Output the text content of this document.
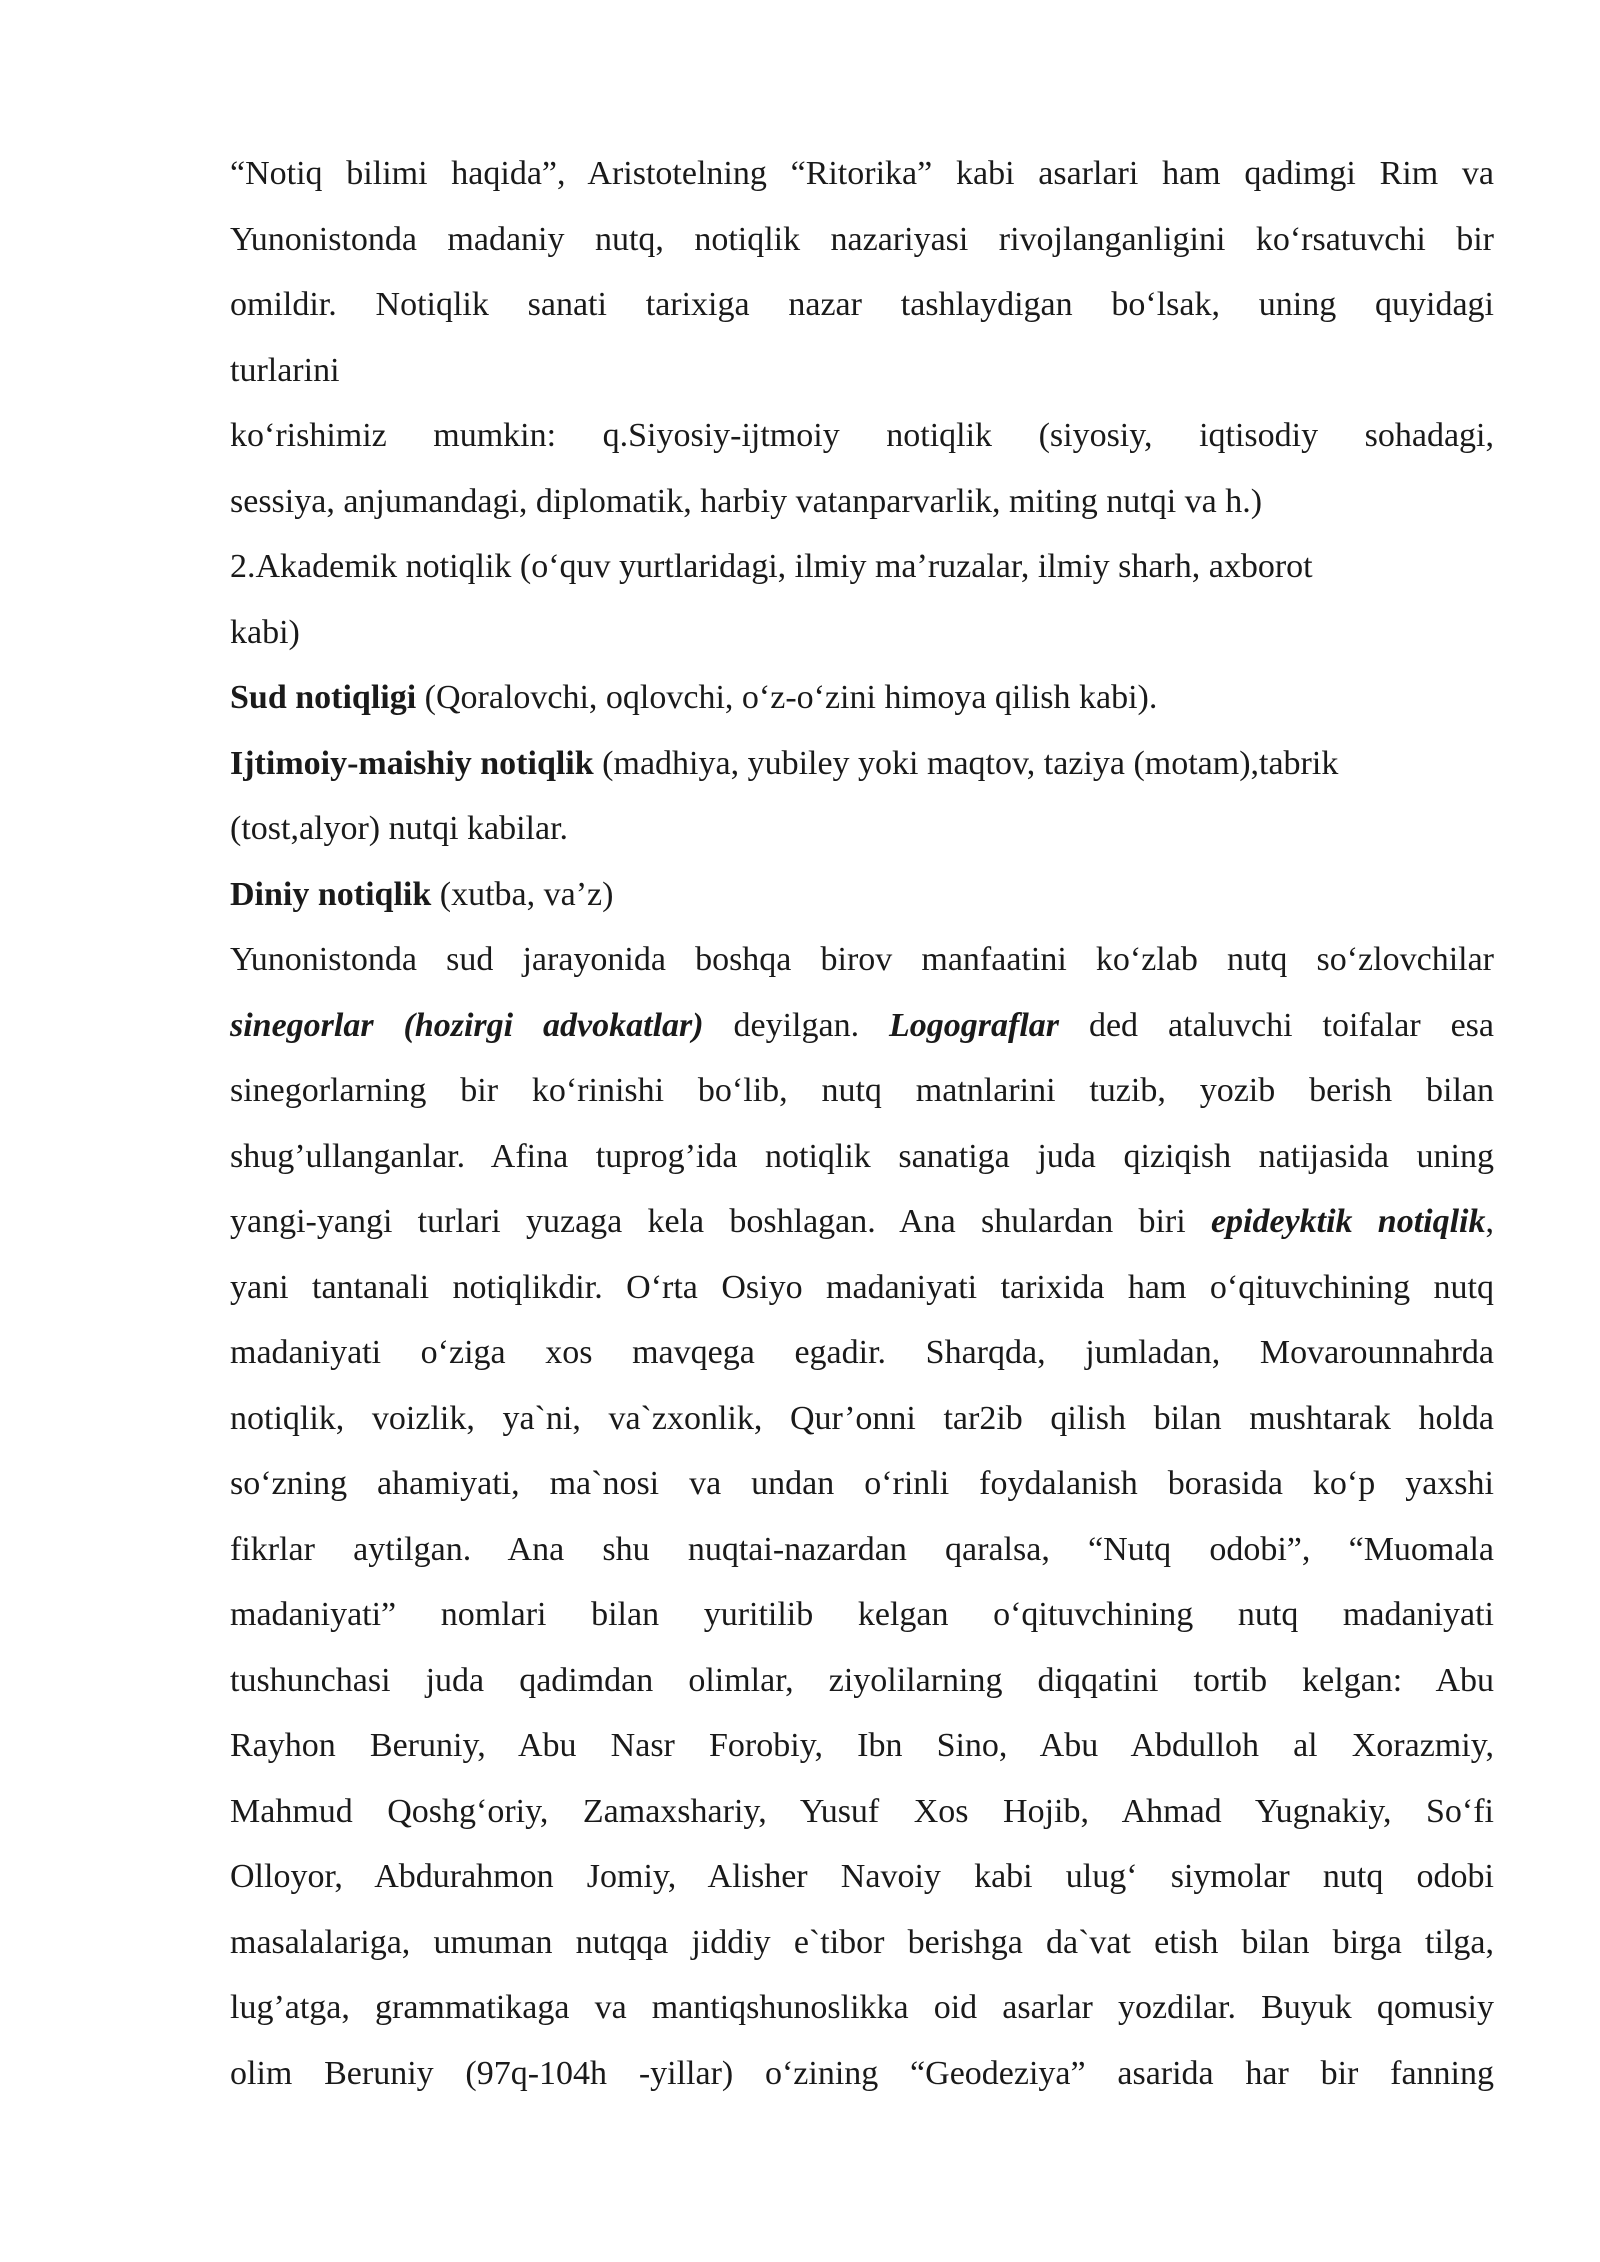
“Notiq bilimi haqida”, Aristotelning “Ritorika” kabi asarlari ham qadimgi Rim va
Yunonistonda madaniy nutq, notiqlik nazariyasi rivojlanganligini koʻrsatuvchi bir
omildir. Notiqlik sanati tarixiga nazar tashlaydigan boʻlsak, uning quyidagi
turlarini
koʻrishimiz mumkin: q.Siyosiy-ijtmoiy notiqlik (siyosiy, iqtisodiy sohadagi,
sessiya, anjumandagi, diplomatik, harbiy vatanparvarlik, miting nutqi va h.)
2.Akademik notiqlik (oʻquv yurtlaridagi, ilmiy maʼruzalar, ilmiy sharh, axborot
kabi)
Sud notiqligi (Qoralovchi, oqlovchi, oʻz-oʻzini himoya qilish kabi).
Ijtimoiy-maishiy notiqlik (madhiya, yubiley yoki maqtov, taziya (motam),tabrik
(tost,alyor) nutqi kabilar.
Diniy notiqlik (xutba, va’z)
Yunonistonda sud jarayonida boshqa birov manfaatini koʻzlab nutq soʻzlovchilar
sinegorlar (hozirgi advokatlar) deyilgan. Logograflar ded ataluvchi toifalar esa
sinegorlarning bir koʻrinishi boʻlib, nutq matnlarini tuzib, yozib berish bilan
shug’ullanganlar. Afina tuprog’ida notiqlik sanatiga juda qiziqish natijasida uning
yangi-yangi turlari yuzaga kela boshlagan. Ana shulardan biri epideyktik notiqlik,
yani tantanali notiqlikdir. Oʻrta Osiyo madaniyati tarixida ham oʻqituvchining nutq
madaniyati oʻziga xos mavqega egadir. Sharqda, jumladan, Movarounnahrda
notiqlik, voizlik, ya`ni, va`zxonlik, Qur’onni tar2ib qilish bilan mushtarak holda
soʻzning ahamiyati, ma`nosi va undan oʻrinli foydalanish borasida koʻp yaxshi
fikrlar aytilgan. Ana shu nuqtai-nazardan qaralsa, “Nutq odobi”, “Muomala
madaniyati” nomlari bilan yuritilib kelgan oʻqituvchining nutq madaniyati
tushunchasi juda qadimdan olimlar, ziyolilarning diqqatini tortib kelgan: Abu
Rayhon Beruniy, Abu Nasr Forobiy, Ibn Sino, Abu Abdulloh al Xorazmiy,
Mahmud Qoshgʻoriy, Zamaxshariy, Yusuf Xos Hojib, Ahmad Yugnakiy, Soʻfi
Olloyor, Abdurahmon Jomiy, Alisher Navoiy kabi ulugʻ siymolar nutq odobi
masalalariga, umuman nutqqa jiddiy e`tibor berishga da`vat etish bilan birga tilga,
lug’atga, grammatikaga va mantiqshunoslikka oid asarlar yozdilar. Buyuk qomusiy
olim Beruniy (97q-104h -yillar) oʻzining “Geodeziya” asarida har bir fanning
